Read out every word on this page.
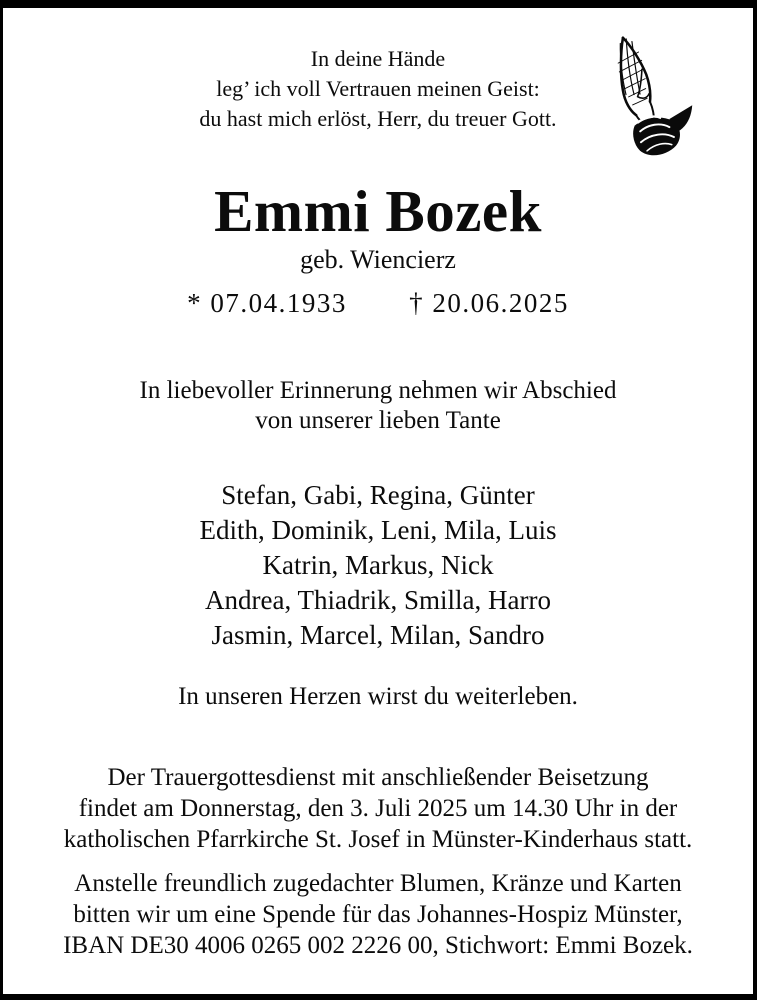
In deine Hände
leg’ ich voll Vertrauen meinen Geist:
du hast mich erlöst, Herr, du treuer Gott.
Emmi Bozek
geb. Wiencierz
* 07.04.1933 † 20.06.2025
In liebevoller Erinnerung nehmen wir Abschied
von unserer lieben Tante
Stefan, Gabi, Regina, Günter
Edith, Dominik, Leni, Mila, Luis
Katrin, Markus, Nick
Andrea, Thiadrik, Smilla, Harro
Jasmin, Marcel, Milan, Sandro
In unseren Herzen wirst du weiterleben.
Der Trauergottesdienst mit anschließender Beisetzung
findet am Donnerstag, den 3. Juli 2025 um 14.30 Uhr in der
katholischen Pfarrkirche St. Josef in Münster-Kinderhaus statt.
Anstelle freundlich zugedachter Blumen, Kränze und Karten
bitten wir um eine Spende für das Johannes-Hospiz Münster,
IBAN DE30 4006 0265 002 2226 00, Stichwort: Emmi Bozek.
